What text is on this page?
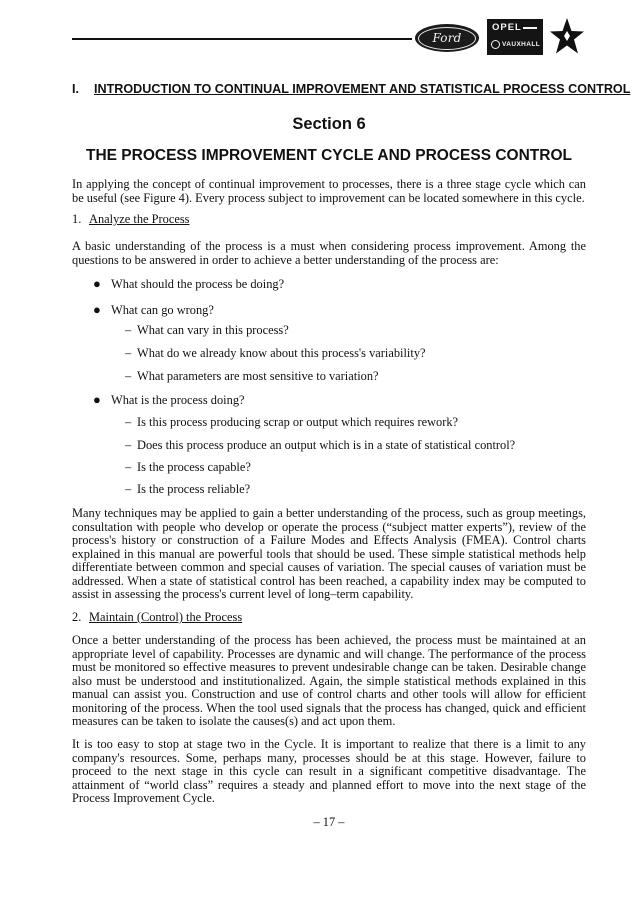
Ford
OPEL
VAUXHALL
I. INTRODUCTION TO CONTINUAL IMPROVEMENT AND STATISTICAL PROCESS CONTROL
Section 6
THE PROCESS IMPROVEMENT CYCLE AND PROCESS CONTROL

In applying the concept of continual improvement to processes, there is a three stage cycle which can be useful (see Figure 4). Every process subject to improvement can be located somewhere in this cycle.

1. Analyze the Process

A basic understanding of the process is a must when considering process improvement. Among the questions to be answered in order to achieve a better understanding of the process are:

● What should the process be doing?
● What can go wrong?
– What can vary in this process?
– What do we already know about this process's variability?
– What parameters are most sensitive to variation?
● What is the process doing?
– Is this process producing scrap or output which requires rework?
– Does this process produce an output which is in a state of statistical control?
– Is the process capable?
– Is the process reliable?

Many techniques may be applied to gain a better understanding of the process, such as group meetings, consultation with people who develop or operate the process (“subject matter experts”), review of the process's history or construction of a Failure Modes and Effects Analysis (FMEA). Control charts explained in this manual are powerful tools that should be used. These simple statistical methods help differentiate between common and special causes of variation. The special causes of variation must be addressed. When a state of statistical control has been reached, a capability index may be computed to assist in assessing the process's current level of long–term capability.

2. Maintain (Control) the Process

Once a better understanding of the process has been achieved, the process must be maintained at an appropriate level of capability. Processes are dynamic and will change. The performance of the process must be monitored so effective measures to prevent undesirable change can be taken. Desirable change also must be understood and institutionalized. Again, the simple statistical methods explained in this manual can assist you. Construction and use of control charts and other tools will allow for efficient monitoring of the process. When the tool used signals that the process has changed, quick and efficient measures can be taken to isolate the causes(s) and act upon them.

It is too easy to stop at stage two in the Cycle. It is important to realize that there is a limit to any company's resources. Some, perhaps many, processes should be at this stage. However, failure to proceed to the next stage in this cycle can result in a significant competitive disadvantage. The attainment of “world class” requires a steady and planned effort to move into the next stage of the Process Improvement Cycle.

– 17 –
